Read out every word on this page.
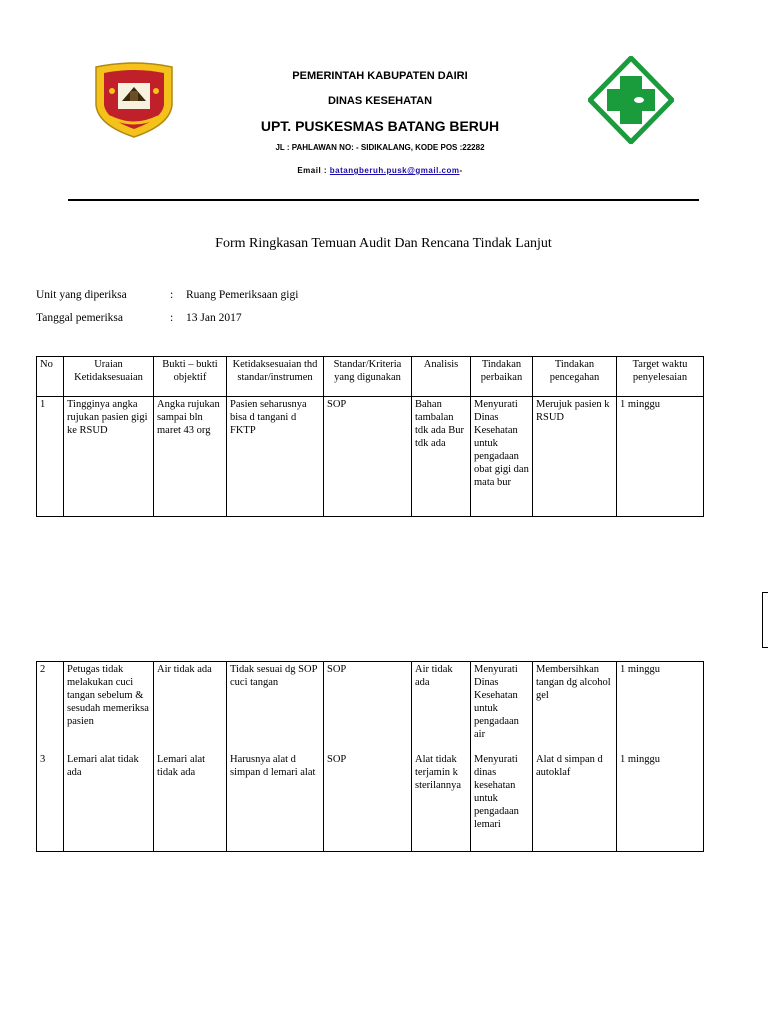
PEMERINTAH KABUPATEN DAIRI
DINAS KESEHATAN
UPT. PUSKESMAS BATANG BERUH
JL : PAHLAWAN NO: - SIDIKALANG, KODE POS :22282
Email : batangberuh.pusk@gmail.com-
Form Ringkasan Temuan Audit Dan Rencana Tindak Lanjut
Unit yang diperiksa	: Ruang Pemeriksaan gigi
Tanggal pemeriksa	: 13 Jan 2017
No	Uraian Ketidaksesuaian	Bukti – bukti objektif	Ketidaksesuaian thd standar/instrumen	Standar/Kriteria yang digunakan	Analisis	Tindakan perbaikan	Tindakan pencegahan	Target waktu penyelesaian
1	Tingginya angka rujukan pasien gigi ke RSUD	Angka rujukan sampai bln maret 43 org	Pasien seharusnya bisa d tangani d FKTP	SOP	Bahan tambalan tdk ada Bur tdk ada	Menyurati Dinas Kesehatan untuk pengadaan obat gigi dan mata bur	Merujuk pasien k RSUD	1 minggu
2	Petugas tidak melakukan cuci tangan sebelum & sesudah memeriksa pasien	Air tidak ada	Tidak sesuai dg SOP cuci tangan	SOP	Air tidak ada	Menyurati Dinas Kesehatan untuk pengadaan air	Membersihkan tangan dg alcohol gel	1 minggu
3	Lemari alat tidak ada	Lemari alat tidak ada	Harusnya alat d simpan d lemari alat	SOP	Alat tidak terjamin k sterilannya	Menyurati dinas kesehatan untuk pengadaan lemari	Alat d simpan d autoklaf	1 minggu
